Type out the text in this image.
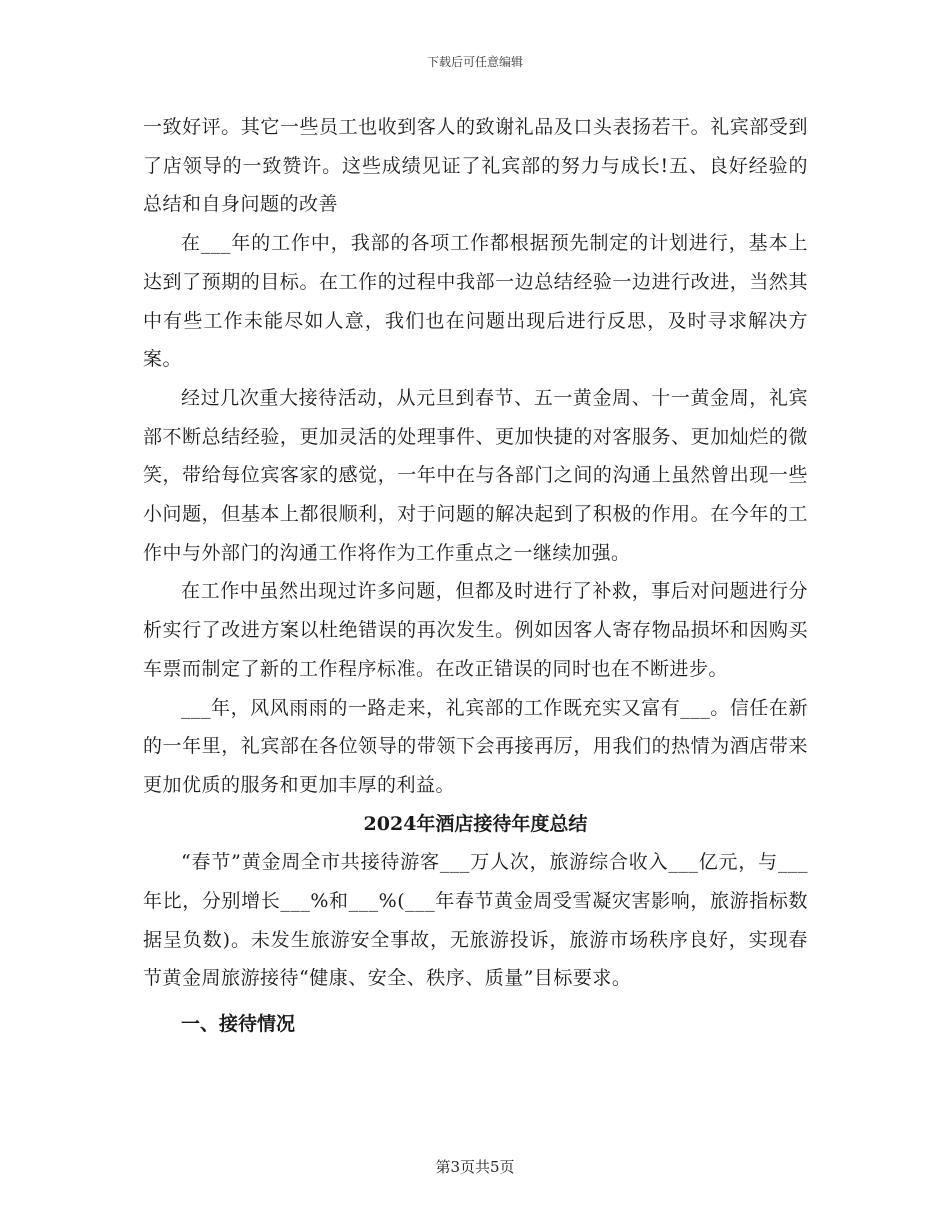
下载后可任意编辑

一致好评。其它一些员工也收到客人的致谢礼品及口头表扬若干。礼宾部受到了店领导的一致赞许。这些成绩见证了礼宾部的努力与成长!五、良好经验的总结和自身问题的改善

在___年的工作中，我部的各项工作都根据预先制定的计划进行，基本上达到了预期的目标。在工作的过程中我部一边总结经验一边进行改进，当然其中有些工作未能尽如人意，我们也在问题出现后进行反思，及时寻求解决方案。

经过几次重大接待活动，从元旦到春节、五一黄金周、十一黄金周，礼宾部不断总结经验，更加灵活的处理事件、更加快捷的对客服务、更加灿烂的微笑，带给每位宾客家的感觉，一年中在与各部门之间的沟通上虽然曾出现一些小问题，但基本上都很顺利，对于问题的解决起到了积极的作用。在今年的工作中与外部门的沟通工作将作为工作重点之一继续加强。

在工作中虽然出现过许多问题，但都及时进行了补救，事后对问题进行分析实行了改进方案以杜绝错误的再次发生。例如因客人寄存物品损坏和因购买车票而制定了新的工作程序标准。在改正错误的同时也在不断进步。

___年，风风雨雨的一路走来，礼宾部的工作既充实又富有___。信任在新的一年里，礼宾部在各位领导的带领下会再接再厉，用我们的热情为酒店带来更加优质的服务和更加丰厚的利益。

2024年酒店接待年度总结

“春节”黄金周全市共接待游客___万人次，旅游综合收入___亿元，与___年比，分别增长___%和___%(___年春节黄金周受雪凝灾害影响，旅游指标数据呈负数)。未发生旅游安全事故，无旅游投诉，旅游市场秩序良好，实现春节黄金周旅游接待“健康、安全、秩序、质量”目标要求。

一、接待情况
第3页共5页
